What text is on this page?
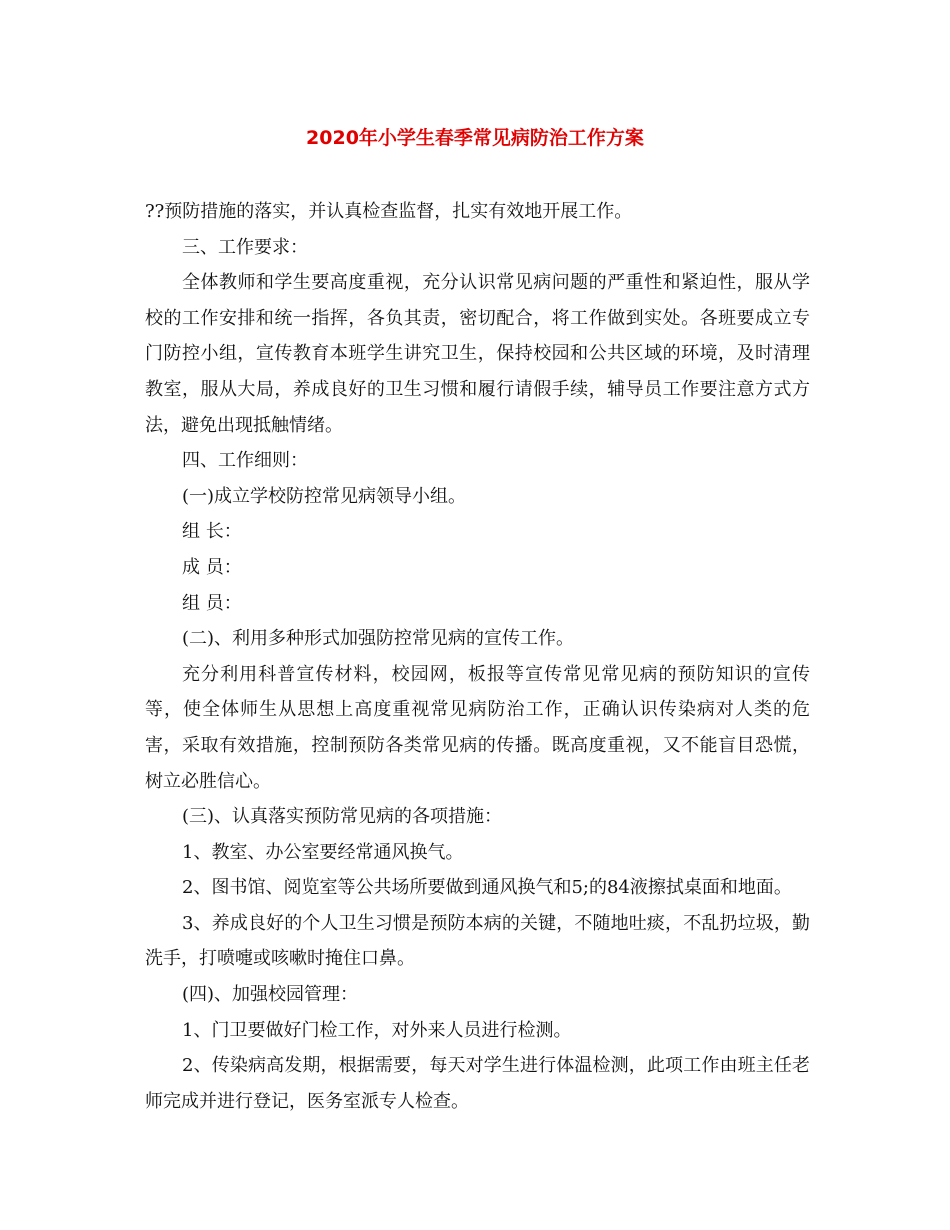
2020年小学生春季常见病防治工作方案

??预防措施的落实，并认真检查监督，扎实有效地开展工作。

三、工作要求：

全体教师和学生要高度重视，充分认识常见病问题的严重性和紧迫性，服从学校的工作安排和统一指挥，各负其责，密切配合，将工作做到实处。各班要成立专门防控小组，宣传教育本班学生讲究卫生，保持校园和公共区域的环境，及时清理教室，服从大局，养成良好的卫生习惯和履行请假手续，辅导员工作要注意方式方法，避免出现抵触情绪。

四、工作细则：

(一)成立学校防控常见病领导小组。

组 长：

成 员：

组 员：

(二)、利用多种形式加强防控常见病的宣传工作。

充分利用科普宣传材料，校园网，板报等宣传常见常见病的预防知识的宣传等，使全体师生从思想上高度重视常见病防治工作，正确认识传染病对人类的危害，采取有效措施，控制预防各类常见病的传播。既高度重视，又不能盲目恐慌，树立必胜信心。

(三)、认真落实预防常见病的各项措施：

1、教室、办公室要经常通风换气。

2、图书馆、阅览室等公共场所要做到通风换气和5;的84液擦拭桌面和地面。

3、养成良好的个人卫生习惯是预防本病的关键，不随地吐痰，不乱扔垃圾，勤洗手，打喷嚏或咳嗽时掩住口鼻。

(四)、加强校园管理：

1、门卫要做好门检工作，对外来人员进行检测。

2、传染病高发期，根据需要，每天对学生进行体温检测，此项工作由班主任老师完成并进行登记，医务室派专人检查。
